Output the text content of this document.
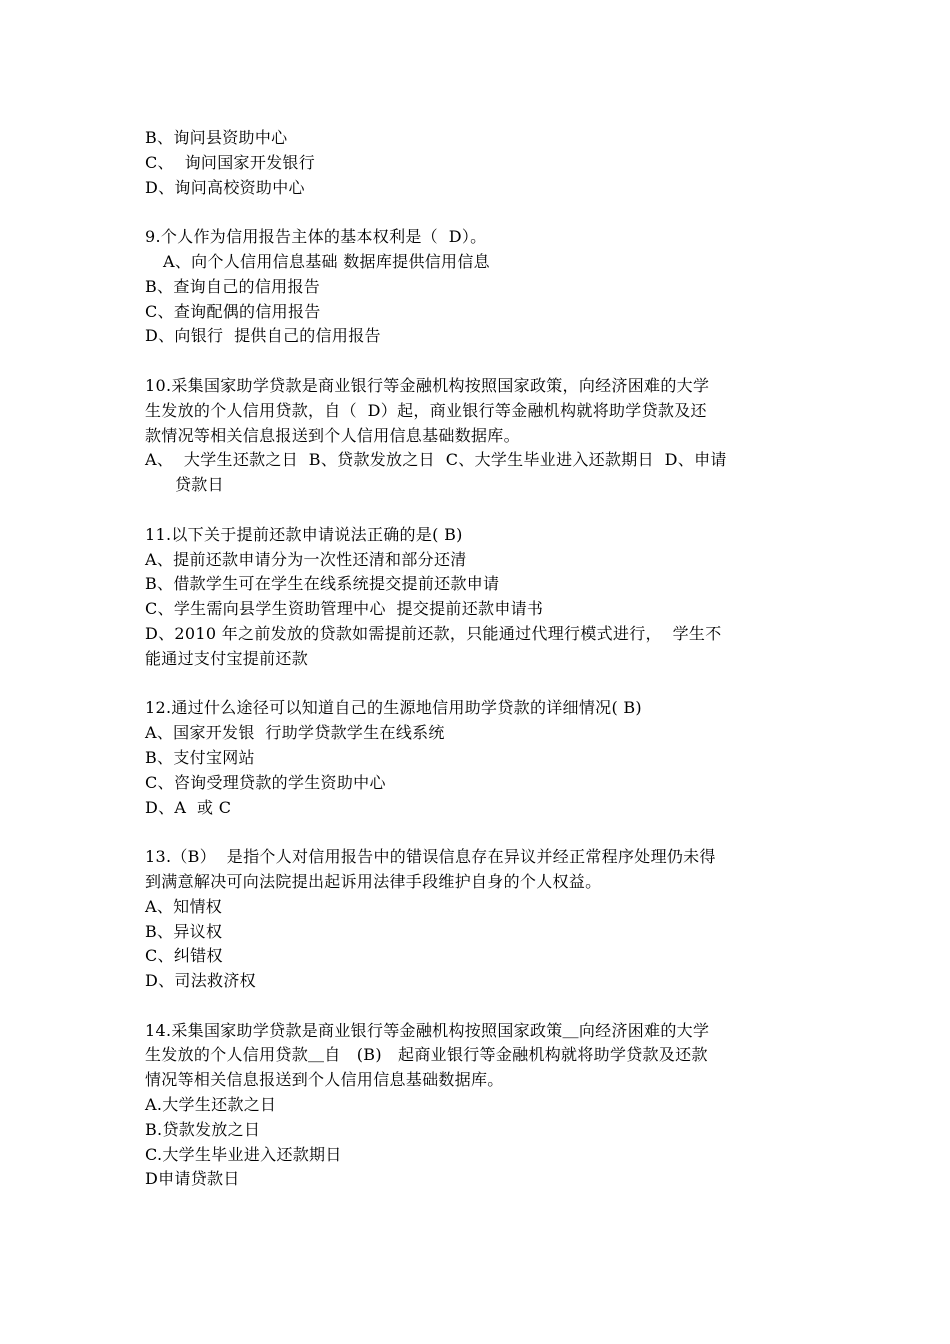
B、询问县资助中心
C、  询问国家开发银行
D、询问高校资助中心
9.个人作为信用报告主体的基本权利是（  D）。
A、向个人信用信息基础 数据库提供信用信息
B、查询自己的信用报告
C、查询配偶的信用报告
D、向银行  提供自己的信用报告
10.采集国家助学贷款是商业银行等金融机构按照国家政策，向经济困难的大学
生发放的个人信用贷款，自（  D）起，商业银行等金融机构就将助学贷款及还
款情况等相关信息报送到个人信用信息基础数据库。
A、  大学生还款之日  B、贷款发放之日  C、大学生毕业进入还款期日  D、申请
贷款日
11.以下关于提前还款申请说法正确的是( B)
A、提前还款申请分为一次性还清和部分还清
B、借款学生可在学生在线系统提交提前还款申请
C、学生需向县学生资助管理中心  提交提前还款申请书
D、2010 年之前发放的贷款如需提前还款，只能通过代理行模式进行，  学生不
能通过支付宝提前还款
12.通过什么途径可以知道自己的生源地信用助学贷款的详细情况( B)
A、国家开发银  行助学贷款学生在线系统
B、支付宝网站
C、咨询受理贷款的学生资助中心
D、A  或 C
13.（B）  是指个人对信用报告中的错误信息存在异议并经正常程序处理仍未得
到满意解决可向法院提出起诉用法律手段维护自身的个人权益。
A、知情权
B、异议权
C、纠错权
D、司法救济权
14.采集国家助学贷款是商业银行等金融机构按照国家政策＿向经济困难的大学
生发放的个人信用贷款＿自   (B)   起商业银行等金融机构就将助学贷款及还款
情况等相关信息报送到个人信用信息基础数据库。
A.大学生还款之日
B.贷款发放之日
C.大学生毕业进入还款期日
D申请贷款日
